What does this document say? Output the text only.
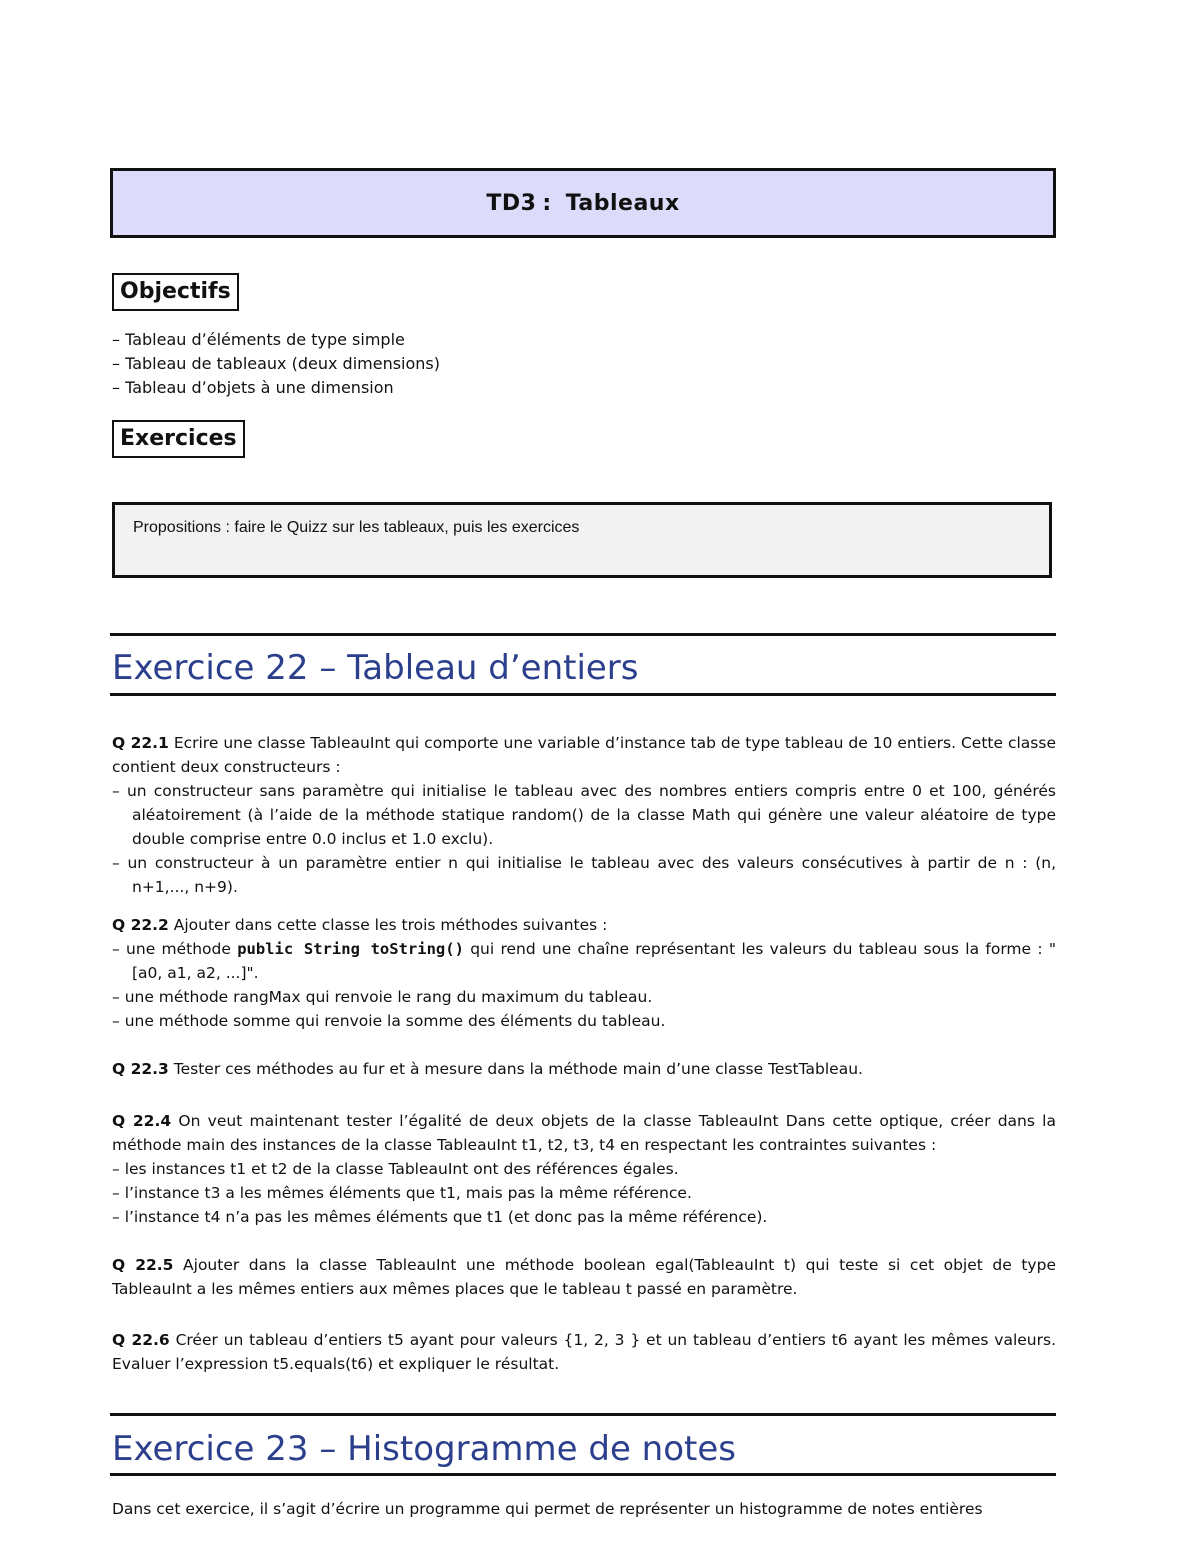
TD3 : Tableaux
Objectifs
– Tableau d’éléments de type simple
– Tableau de tableaux (deux dimensions)
– Tableau d’objets à une dimension
Exercices
Propositions : faire le Quizz sur les tableaux, puis les exercices
Exercice 22 – Tableau d’entiers

Q 22.1 Ecrire une classe TableauInt qui comporte une variable d’instance tab de type tableau de 10 entiers. Cette classe contient deux constructeurs :

– un constructeur sans paramètre qui initialise le tableau avec des nombres entiers compris entre 0 et 100, générés aléatoirement (à l’aide de la méthode statique random() de la classe Math qui génère une valeur aléatoire de type double comprise entre 0.0 inclus et 1.0 exclu).
– un constructeur à un paramètre entier n qui initialise le tableau avec des valeurs consécutives à partir de n : (n, n+1,..., n+9).

Q 22.2 Ajouter dans cette classe les trois méthodes suivantes :

– une méthode public String toString() qui rend une chaîne représentant les valeurs du tableau sous la forme : "[a0, a1, a2, ...]".
– une méthode rangMax qui renvoie le rang du maximum du tableau.
– une méthode somme qui renvoie la somme des éléments du tableau.

Q 22.3 Tester ces méthodes au fur et à mesure dans la méthode main d’une classe TestTableau.

Q 22.4 On veut maintenant tester l’égalité de deux objets de la classe TableauInt Dans cette optique, créer dans la méthode main des instances de la classe TableauInt t1, t2, t3, t4 en respectant les contraintes suivantes :

– les instances t1 et t2 de la classe TableauInt ont des références égales.
– l’instance t3 a les mêmes éléments que t1, mais pas la même référence.
– l’instance t4 n’a pas les mêmes éléments que t1 (et donc pas la même référence).

Q 22.5 Ajouter dans la classe TableauInt une méthode boolean egal(TableauInt t) qui teste si cet objet de type TableauInt a les mêmes entiers aux mêmes places que le tableau t passé en paramètre.

Q 22.6 Créer un tableau d’entiers t5 ayant pour valeurs {1, 2, 3 } et un tableau d’entiers t6 ayant les mêmes valeurs. Evaluer l’expression t5.equals(t6) et expliquer le résultat.

Exercice 23 – Histogramme de notes

Dans cet exercice, il s’agit d’écrire un programme qui permet de représenter un histogramme de notes entières
